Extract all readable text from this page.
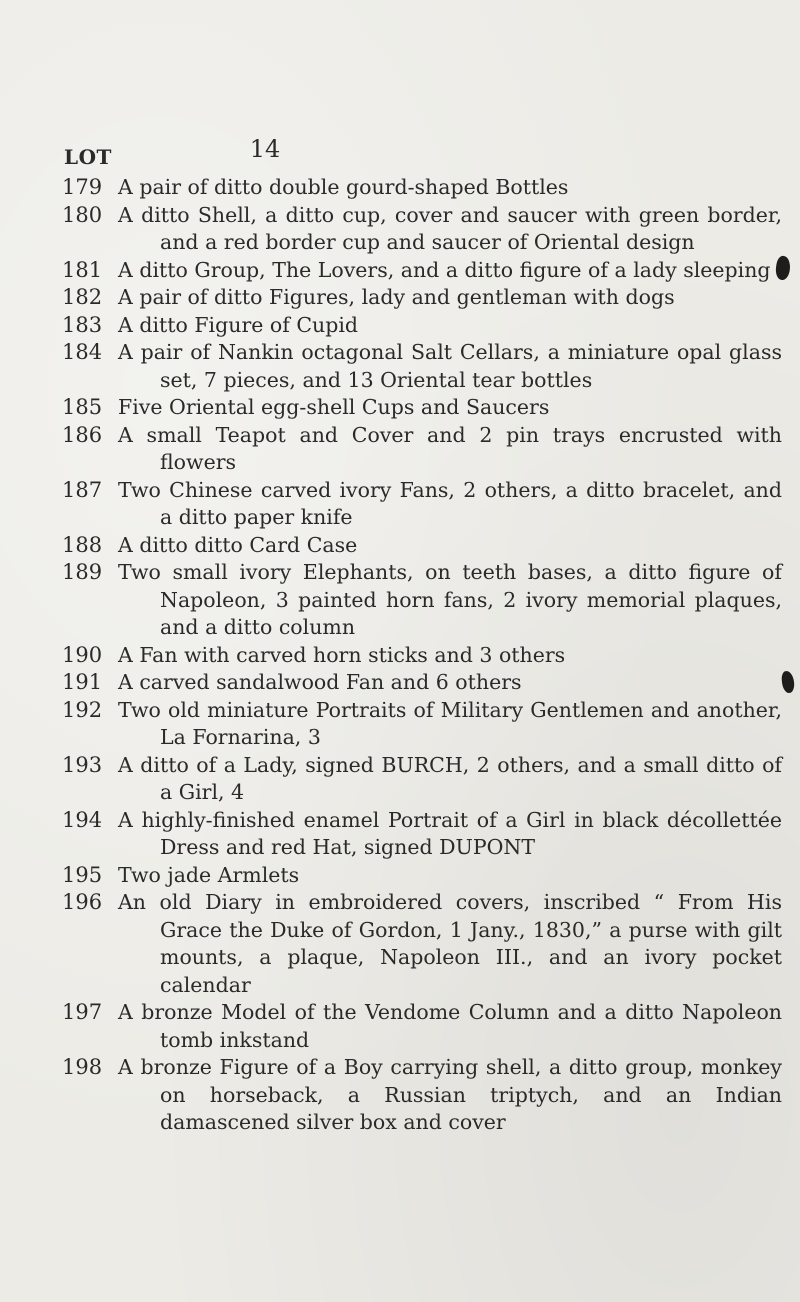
14
LOT
179 A pair of ditto double gourd-shaped Bottles
180 A ditto Shell, a ditto cup, cover and saucer with green border, and a red border cup and saucer of Oriental design
181 A ditto Group, The Lovers, and a ditto figure of a lady sleeping
182 A pair of ditto Figures, lady and gentleman with dogs
183 A ditto Figure of Cupid
184 A pair of Nankin octagonal Salt Cellars, a miniature opal glass set, 7 pieces, and 13 Oriental tear bottles
185 Five Oriental egg-shell Cups and Saucers
186 A small Teapot and Cover and 2 pin trays encrusted with flowers
187 Two Chinese carved ivory Fans, 2 others, a ditto bracelet, and a ditto paper knife
188 A ditto ditto Card Case
189 Two small ivory Elephants, on teeth bases, a ditto figure of Napoleon, 3 painted horn fans, 2 ivory memorial plaques, and a ditto column
190 A Fan with carved horn sticks and 3 others
191 A carved sandalwood Fan and 6 others
192 Two old miniature Portraits of Military Gentlemen and another, La Fornarina, 3
193 A ditto of a Lady, signed BURCH, 2 others, and a small ditto of a Girl, 4
194 A highly-finished enamel Portrait of a Girl in black décollettée Dress and red Hat, signed DUPONT
195 Two jade Armlets
196 An old Diary in embroidered covers, inscribed “ From His Grace the Duke of Gordon, 1 Jany., 1830,” a purse with gilt mounts, a plaque, Napoleon III., and an ivory pocket calendar
197 A bronze Model of the Vendome Column and a ditto Napoleon tomb inkstand
198 A bronze Figure of a Boy carrying shell, a ditto group, monkey on horseback, a Russian triptych, and an Indian damascened silver box and cover
